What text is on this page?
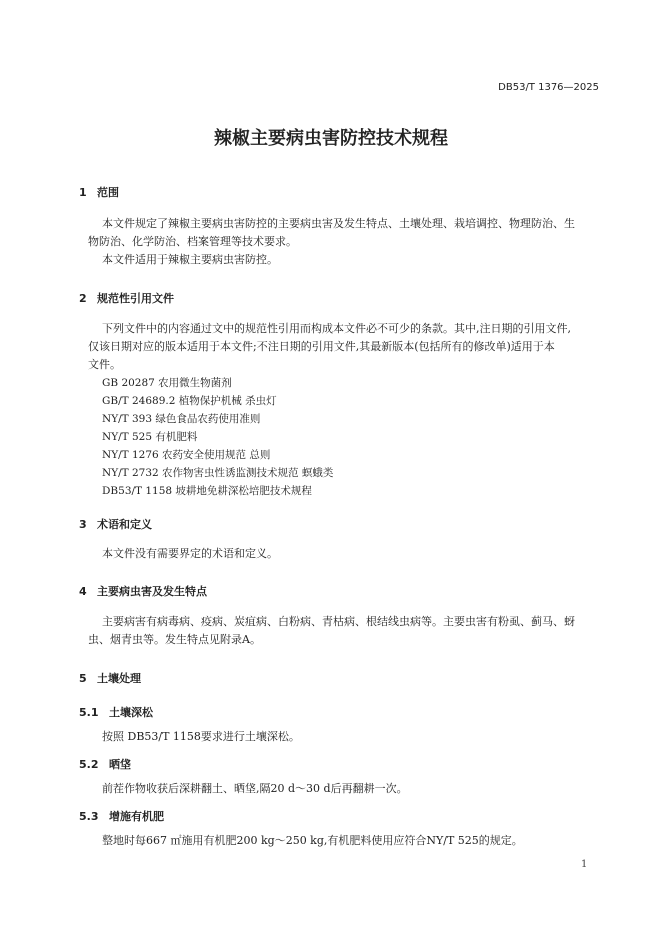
DB53/T 1376—2025
辣椒主要病虫害防控技术规程
1 范围
本文件规定了辣椒主要病虫害防控的主要病虫害及发生特点、土壤处理、栽培调控、物理防治、生
物防治、化学防治、档案管理等技术要求。
本文件适用于辣椒主要病虫害防控。
2 规范性引用文件
下列文件中的内容通过文中的规范性引用而构成本文件必不可少的条款。其中,注日期的引用文件,
仅该日期对应的版本适用于本文件;不注日期的引用文件,其最新版本(包括所有的修改单)适用于本
文件。
GB 20287 农用微生物菌剂
GB/T 24689.2 植物保护机械 杀虫灯
NY/T 393 绿色食品农药使用准则
NY/T 525 有机肥料
NY/T 1276 农药安全使用规范 总则
NY/T 2732 农作物害虫性诱监测技术规范 螟蛾类
DB53/T 1158 坡耕地免耕深松培肥技术规程
3 术语和定义
本文件没有需要界定的术语和定义。
4 主要病虫害及发生特点
主要病害有病毒病、疫病、炭疽病、白粉病、青枯病、根结线虫病等。主要虫害有粉虱、蓟马、蚜
虫、烟青虫等。发生特点见附录A。
5 土壤处理
5.1 土壤深松
按照 DB53/T 1158要求进行土壤深松。
5.2 晒垡
前茬作物收获后深耕翻土、晒垡,隔20 d～30 d后再翻耕一次。
5.3 增施有机肥
整地时每667 ㎡施用有机肥200 kg～250 kg,有机肥料使用应符合NY/T 525的规定。
1
